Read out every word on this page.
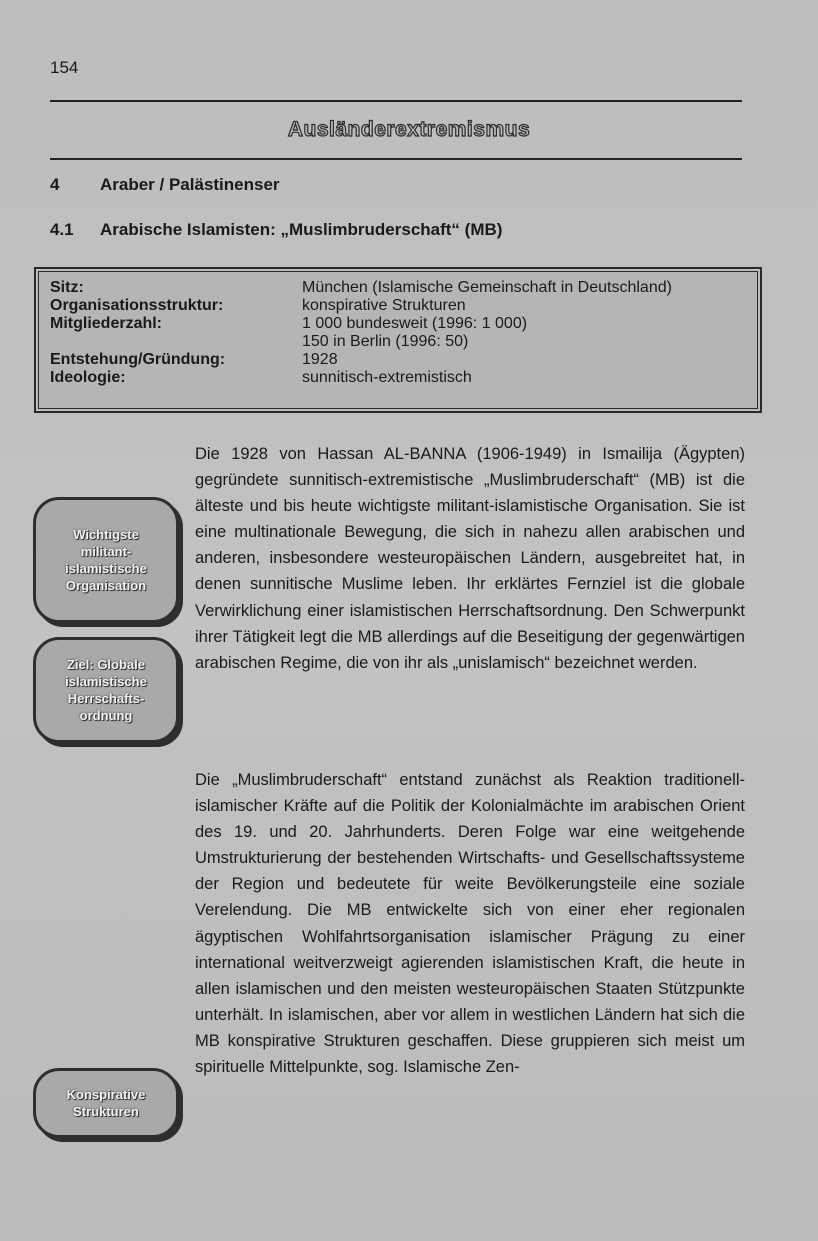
154
Ausländerextremismus
4 Araber / Palästinenser
4.1 Arabische Islamisten: „Muslimbruderschaft“ (MB)
Sitz:	München (Islamische Gemeinschaft in Deutschland)
Organisationsstruktur:	konspirative Strukturen
Mitgliederzahl:	1 000 bundesweit (1996: 1 000)
150 in Berlin (1996: 50)
Entstehung/Gründung:	1928
Ideologie:	sunnitisch-extremistisch
Wichtigste
militant-
islamistische
Organisation
Ziel: Globale
islamistische
Herrschafts-
ordnung
Konspirative
Strukturen
Die 1928 von Hassan AL-BANNA (1906-1949) in Ismailija (Ägypten) gegründete sunnitisch-extremistische „Muslimbruderschaft“ (MB) ist die älteste und bis heute wichtigste militant-islamistische Organisation. Sie ist eine multinationale Bewegung, die sich in nahezu allen arabischen und anderen, insbesondere westeuropäischen Ländern, ausgebreitet hat, in denen sunnitische Muslime leben. Ihr erklärtes Fernziel ist die globale Verwirklichung einer islamistischen Herrschaftsordnung. Den Schwerpunkt ihrer Tätigkeit legt die MB allerdings auf die Beseitigung der gegenwärtigen arabischen Regime, die von ihr als „unislamisch“ bezeichnet werden.
Die „Muslimbruderschaft“ entstand zunächst als Reaktion traditionell-islamischer Kräfte auf die Politik der Kolonialmächte im arabischen Orient des 19. und 20. Jahrhunderts. Deren Folge war eine weitgehende Umstrukturierung der bestehenden Wirtschafts- und Gesellschaftssysteme der Region und bedeutete für weite Bevölkerungsteile eine soziale Verelendung. Die MB entwickelte sich von einer eher regionalen ägyptischen Wohlfahrtsorganisation islamischer Prägung zu einer international weitverzweigt agierenden islamistischen Kraft, die heute in allen islamischen und den meisten westeuropäischen Staaten Stützpunkte unterhält. In islamischen, aber vor allem in westlichen Ländern hat sich die MB konspirative Strukturen geschaffen. Diese gruppieren sich meist um spirituelle Mittelpunkte, sog. Islamische Zen-
